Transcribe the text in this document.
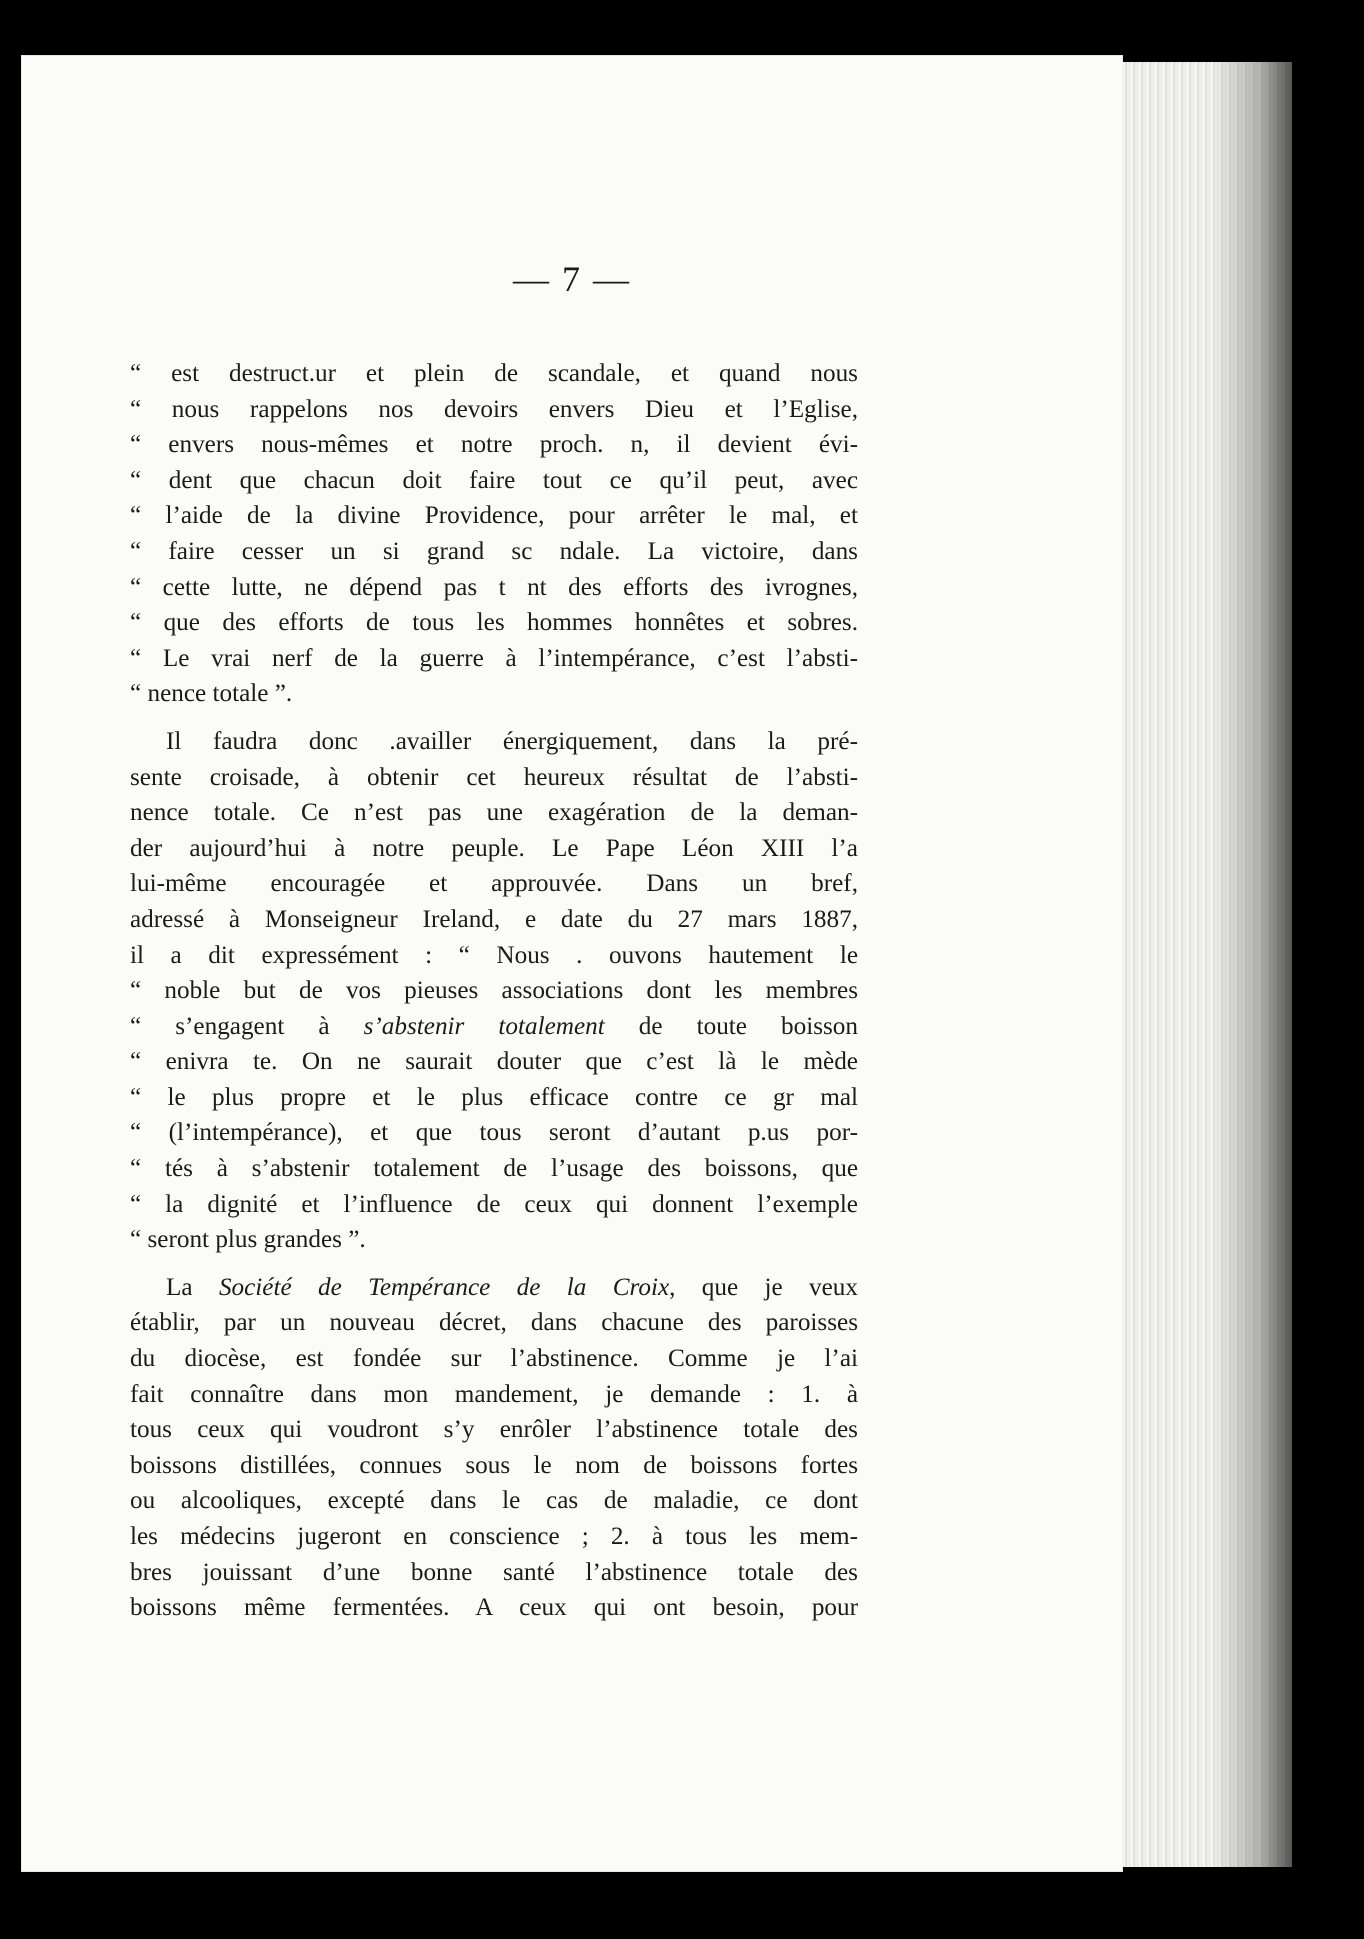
— 7 —
“ est destruct.ur et plein de scandale, et quand nous
“ nous rappelons nos devoirs envers Dieu et l’Eglise,
“ envers nous-mêmes et notre proch. n, il devient évi-
“ dent que chacun doit faire tout ce qu’il peut, avec
“ l’aide de la divine Providence, pour arrêter le mal, et
“ faire cesser un si grand sc ndale. La victoire, dans
“ cette lutte, ne dépend pas t nt des efforts des ivrognes,
“ que des efforts de tous les hommes honnêtes et sobres.
“ Le vrai nerf de la guerre à l’intempérance, c’est l’absti-
“ nence totale ”.
Il faudra donc .availler énergiquement, dans la pré-
sente croisade, à obtenir cet heureux résultat de l’absti-
nence totale. Ce n’est pas une exagération de la deman-
der aujourd’hui à notre peuple. Le Pape Léon XIII l’a
lui-même encouragée et approuvée. Dans un bref,
adressé à Monseigneur Ireland, e date du 27 mars 1887,
il a dit expressément : “ Nous . ouvons hautement le
“ noble but de vos pieuses associations dont les membres
“ s’engagent à s’abstenir totalement de toute boisson
“ enivra te. On ne saurait douter que c’est là le mède
“ le plus propre et le plus efficace contre ce gr mal
“ (l’intempérance), et que tous seront d’autant p.us por-
“ tés à s’abstenir totalement de l’usage des boissons, que
“ la dignité et l’influence de ceux qui donnent l’exemple
“ seront plus grandes ”.
La Société de Tempérance de la Croix, que je veux
établir, par un nouveau décret, dans chacune des paroisses
du diocèse, est fondée sur l’abstinence. Comme je l’ai
fait connaître dans mon mandement, je demande : 1. à
tous ceux qui voudront s’y enrôler l’abstinence totale des
boissons distillées, connues sous le nom de boissons fortes
ou alcooliques, excepté dans le cas de maladie, ce dont
les médecins jugeront en conscience ; 2. à tous les mem-
bres jouissant d’une bonne santé l’abstinence totale des
boissons même fermentées. A ceux qui ont besoin, pour
